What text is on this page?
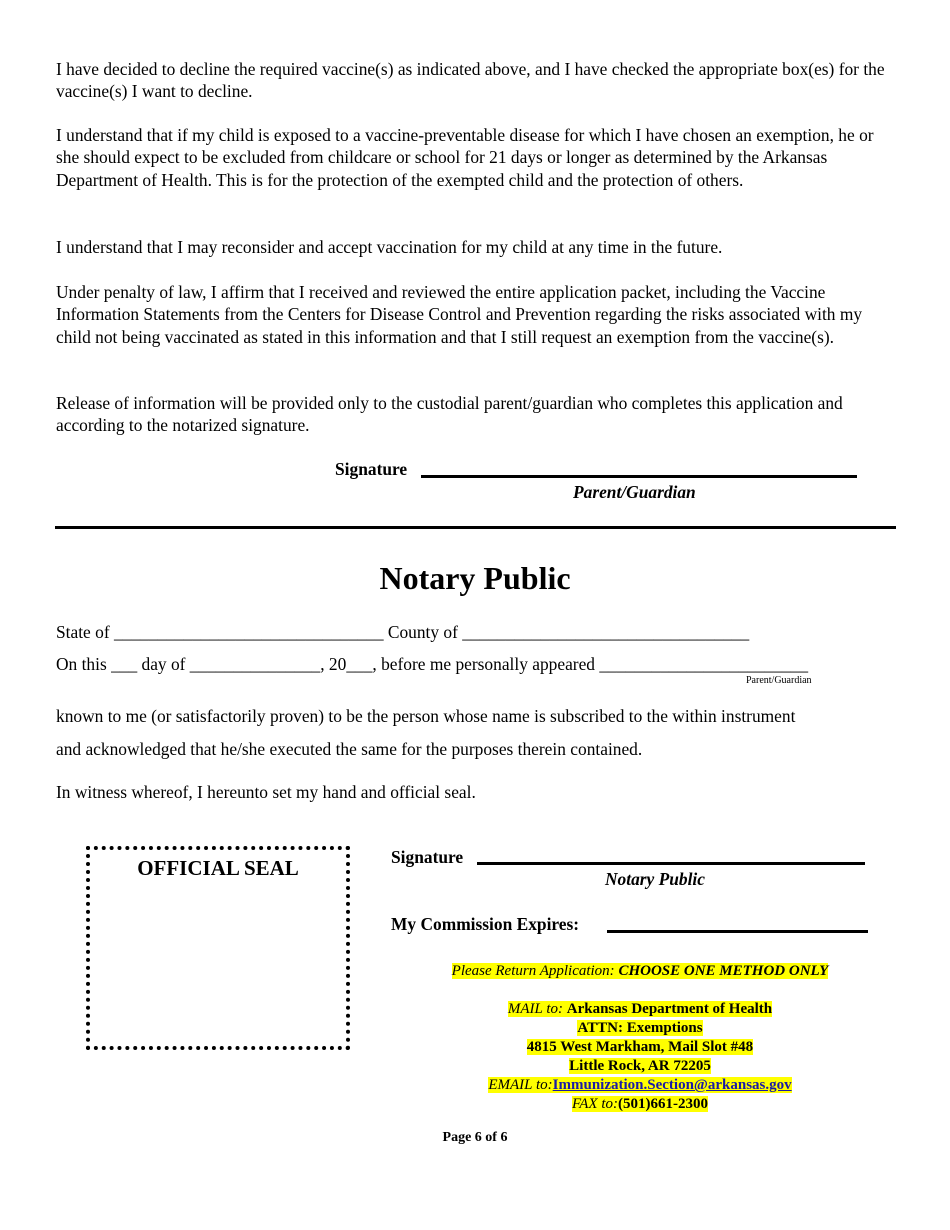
I have decided to decline the required vaccine(s) as indicated above, and I have checked the appropriate box(es) for the vaccine(s) I want to decline.

I understand that if my child is exposed to a vaccine-preventable disease for which I have chosen an exemption, he or she should expect to be excluded from childcare or school for 21 days or longer as determined by the Arkansas Department of Health. This is for the protection of the exempted child and the protection of others.

I understand that I may reconsider and accept vaccination for my child at any time in the future.

Under penalty of law, I affirm that I received and reviewed the entire application packet, including the Vaccine Information Statements from the Centers for Disease Control and Prevention regarding the risks associated with my child not being vaccinated as stated in this information and that I still request an exemption from the vaccine(s).

Release of information will be provided only to the custodial parent/guardian who completes this application and according to the notarized signature.

Signature
Parent/Guardian
Notary Public
State of _______________________________ County of _________________________________
On this ___ day of _______________, 20___, before me personally appeared ________________________
Parent/Guardian
known to me (or satisfactorily proven) to be the person whose name is subscribed to the within instrument
and acknowledged that he/she executed the same for the purposes therein contained.
In witness whereof, I hereunto set my hand and official seal.
OFFICIAL SEAL	Signature
Notary Public
My Commission Expires:
Please Return Application: CHOOSE ONE METHOD ONLY
MAIL to: Arkansas Department of Health
ATTN: Exemptions
4815 West Markham, Mail Slot #48
Little Rock, AR 72205
EMAIL to:Immunization.Section@arkansas.gov
FAX to:(501)661-2300
Page 6 of 6
